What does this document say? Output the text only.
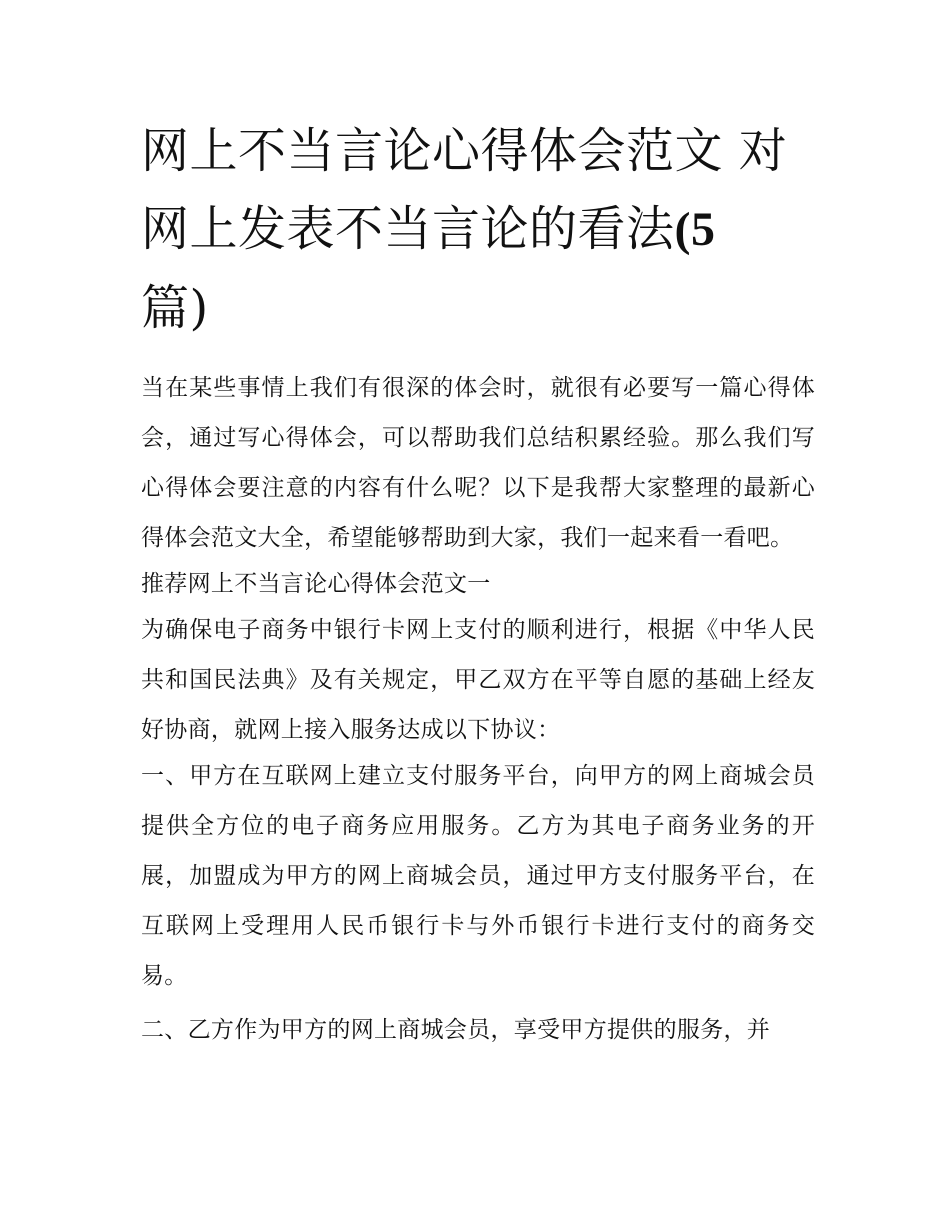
网上不当言论心得体会范文 对网上发表不当言论的看法(5
篇)

当在某些事情上我们有很深的体会时，就很有必要写一篇心得体会，通过写心得体会，可以帮助我们总结积累经验。那么我们写心得体会要注意的内容有什么呢？以下是我帮大家整理的最新心得体会范文大全，希望能够帮助到大家，我们一起来看一看吧。

推荐网上不当言论心得体会范文一

为确保电子商务中银行卡网上支付的顺利进行，根据《中华人民共和国民法典》及有关规定，甲乙双方在平等自愿的基础上经友好协商，就网上接入服务达成以下协议：

一、甲方在互联网上建立支付服务平台，向甲方的网上商城会员提供全方位的电子商务应用服务。乙方为其电子商务业务的开展，加盟成为甲方的网上商城会员，通过甲方支付服务平台，在互联网上受理用人民币银行卡与外币银行卡进行支付的商务交易。

二、乙方作为甲方的网上商城会员，享受甲方提供的服务，并
